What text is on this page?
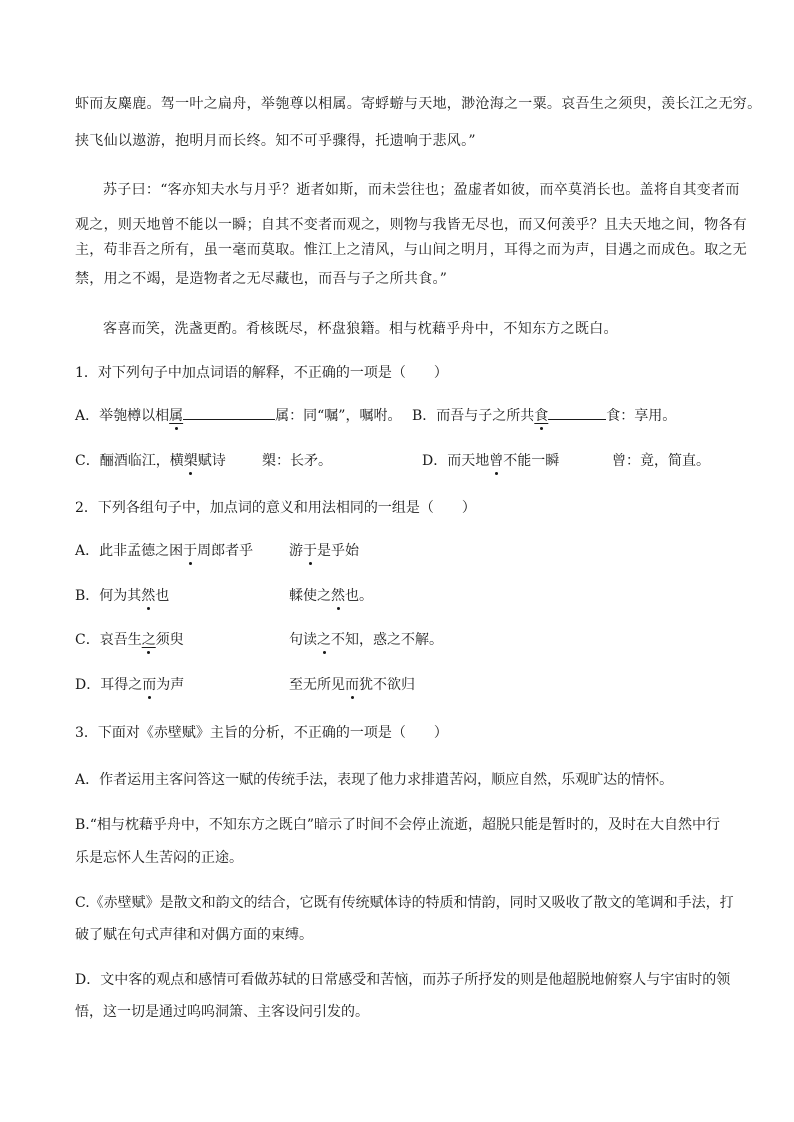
虾而友麋鹿。驾一叶之扁舟，举匏尊以相属。寄蜉蝣与天地，渺沧海之一粟。哀吾生之须臾，羡长江之无穷。
挟飞仙以遨游，抱明月而长终。知不可乎骤得，托遗响于悲风。”
苏子曰：“客亦知夫水与月乎？逝者如斯，而未尝往也；盈虚者如彼，而卒莫消长也。盖将自其变者而
观之，则天地曾不能以一瞬；自其不变者而观之，则物与我皆无尽也，而又何羡乎？且夫天地之间，物各有
主，苟非吾之所有，虽一毫而莫取。惟江上之清风，与山间之明月，耳得之而为声，目遇之而成色。取之无
禁，用之不竭，是造物者之无尽藏也，而吾与子之所共食。”
客喜而笑，洗盏更酌。肴核既尽，杯盘狼籍。相与枕藉乎舟中，不知东方之既白。
1．对下列句子中加点词语的解释，不正确的一项是（　　）
A．举匏樽以相属	属：同“嘱”，嘱咐。 B．而吾与子之所共食	食：享用。
C．酾酒临江，横槊赋诗	槊：长矛。	D．而天地曾不能一瞬	曾：竟，简直。
2．下列各组句子中，加点词的意义和用法相同的一组是（　　）
A．此非孟德之困于周郎者乎	游于是乎始
B．何为其然也	輮使之然也。
C．哀吾生之须臾	句读之不知，惑之不解。
D．耳得之而为声	至无所见而犹不欲归
3．下面对《赤壁赋》主旨的分析，不正确的一项是（　　）
A．作者运用主客问答这一赋的传统手法，表现了他力求排遣苦闷，顺应自然，乐观旷达的情怀。
B.“相与枕藉乎舟中，不知东方之既白”暗示了时间不会停止流逝，超脱只能是暂时的，及时在大自然中行
乐是忘怀人生苦闷的正途。
C.《赤壁赋》是散文和韵文的结合，它既有传统赋体诗的特质和情韵，同时又吸收了散文的笔调和手法，打
破了赋在句式声律和对偶方面的束缚。
D．文中客的观点和感情可看做苏轼的日常感受和苦恼，而苏子所抒发的则是他超脱地俯察人与宇宙时的领
悟，这一切是通过呜呜洞箫、主客设问引发的。
